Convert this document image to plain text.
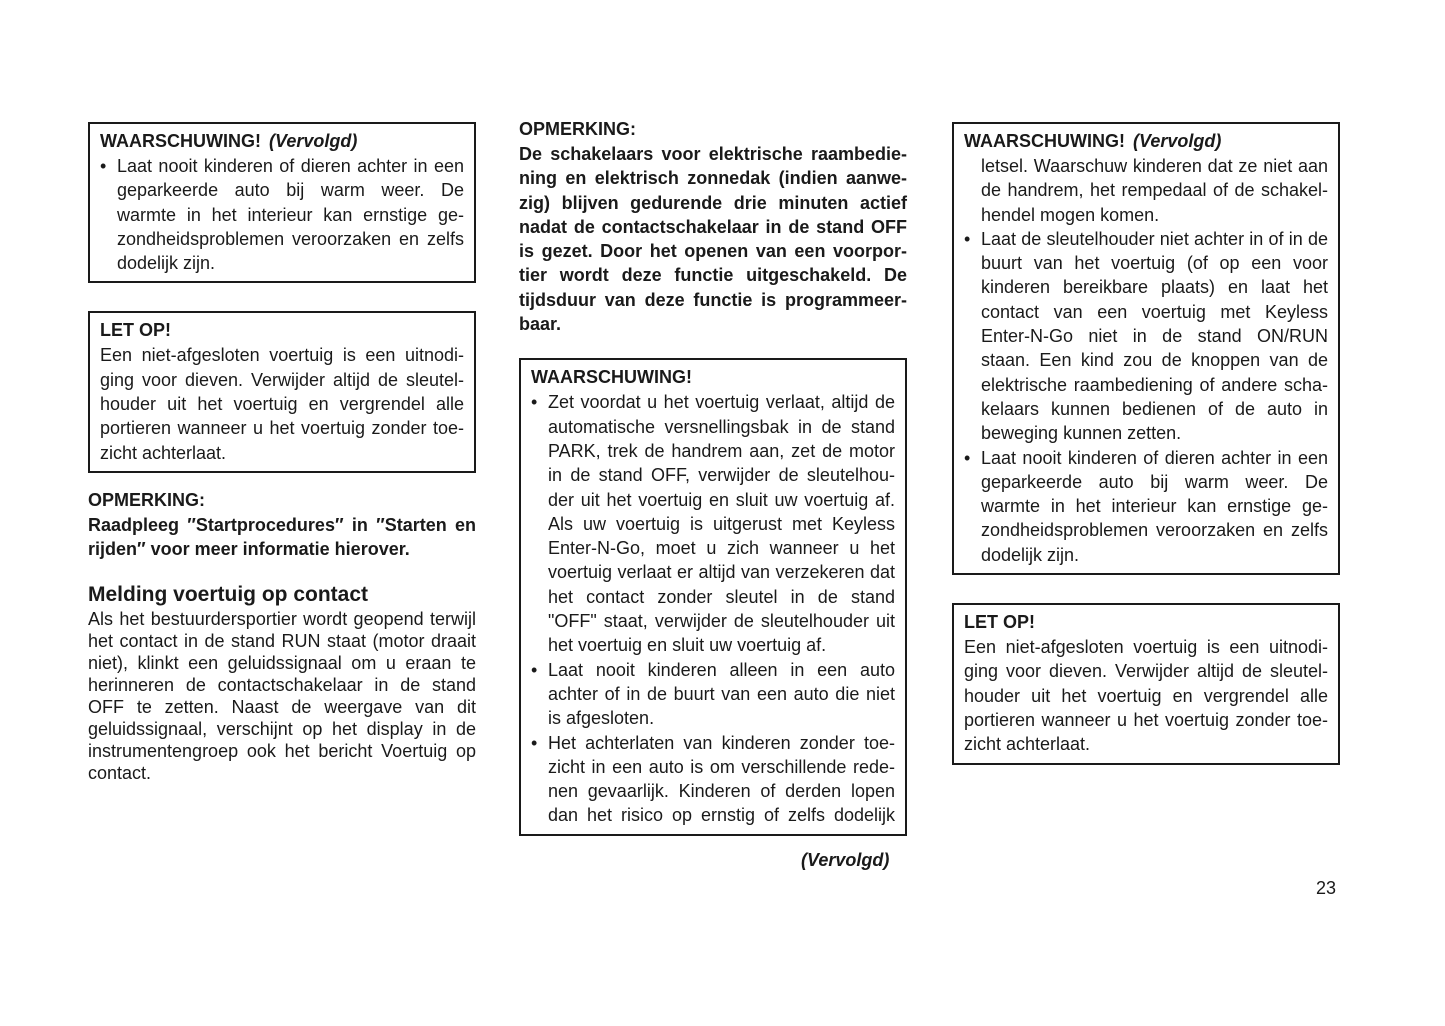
WAARSCHUWING! (Vervolgd)
• Laat nooit kinderen of dieren achter in een
geparkeerde auto bij warm weer. De
warmte in het interieur kan ernstige ge-
zondheidsproblemen veroorzaken en zelfs
dodelijk zijn.
LET OP!
Een niet-afgesloten voertuig is een uitnodi-
ging voor dieven. Verwijder altijd de sleutel-
houder uit het voertuig en vergrendel alle
portieren wanneer u het voertuig zonder toe-
zicht achterlaat.
OPMERKING:
Raadpleeg ″Startprocedures″ in ″Starten en
rijden″ voor meer informatie hierover.
Melding voertuig op contact
Als het bestuurdersportier wordt geopend terwijl
het contact in de stand RUN staat (motor draait
niet), klinkt een geluidssignaal om u eraan te
herinneren de contactschakelaar in de stand
OFF te zetten. Naast de weergave van dit
geluidssignaal, verschijnt op het display in de
instrumentengroep ook het bericht Voertuig op
contact.
OPMERKING:
De schakelaars voor elektrische raambedie-
ning en elektrisch zonnedak (indien aanwe-
zig) blijven gedurende drie minuten actief
nadat de contactschakelaar in de stand OFF
is gezet. Door het openen van een voorpor-
tier wordt deze functie uitgeschakeld. De
tijdsduur van deze functie is programmeer-
baar.
WAARSCHUWING!
• Zet voordat u het voertuig verlaat, altijd de
automatische versnellingsbak in de stand
PARK, trek de handrem aan, zet de motor
in de stand OFF, verwijder de sleutelhou-
der uit het voertuig en sluit uw voertuig af.
Als uw voertuig is uitgerust met Keyless
Enter-N-Go, moet u zich wanneer u het
voertuig verlaat er altijd van verzekeren dat
het contact zonder sleutel in de stand
"OFF" staat, verwijder de sleutelhouder uit
het voertuig en sluit uw voertuig af.
• Laat nooit kinderen alleen in een auto
achter of in de buurt van een auto die niet
is afgesloten.
• Het achterlaten van kinderen zonder toe-
zicht in een auto is om verschillende rede-
nen gevaarlijk. Kinderen of derden lopen
dan het risico op ernstig of zelfs dodelijk
WAARSCHUWING! (Vervolgd)
letsel. Waarschuw kinderen dat ze niet aan
de handrem, het rempedaal of de schakel-
hendel mogen komen.
• Laat de sleutelhouder niet achter in of in de
buurt van het voertuig (of op een voor
kinderen bereikbare plaats) en laat het
contact van een voertuig met Keyless
Enter-N-Go niet in de stand ON/RUN
staan. Een kind zou de knoppen van de
elektrische raambediening of andere scha-
kelaars kunnen bedienen of de auto in
beweging kunnen zetten.
• Laat nooit kinderen of dieren achter in een
geparkeerde auto bij warm weer. De
warmte in het interieur kan ernstige ge-
zondheidsproblemen veroorzaken en zelfs
dodelijk zijn.
LET OP!
Een niet-afgesloten voertuig is een uitnodi-
ging voor dieven. Verwijder altijd de sleutel-
houder uit het voertuig en vergrendel alle
portieren wanneer u het voertuig zonder toe-
zicht achterlaat.
(Vervolgd)
23
